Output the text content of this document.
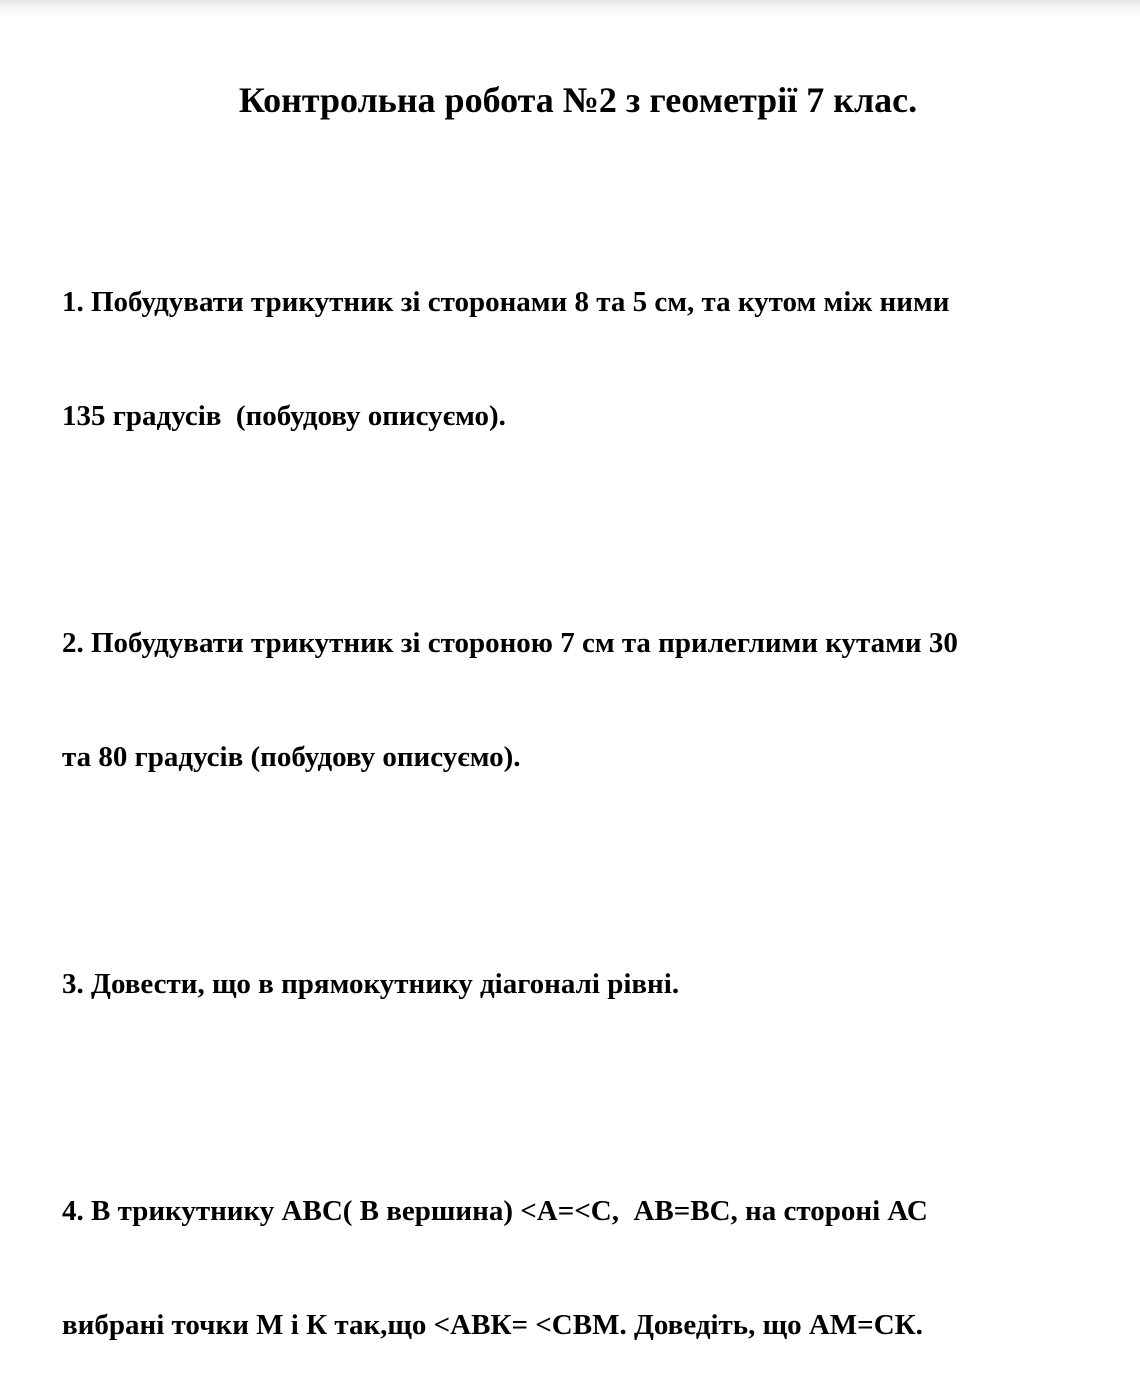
Контрольна робота №2 з геометрії 7 клас.

1. Побудувати трикутник зі сторонами 8 та 5 см, та кутом між ними

135 градусів  (побудову описуємо).

2. Побудувати трикутник зі стороною 7 см та прилеглими кутами 30

та 80 градусів (побудову описуємо).

3. Довести, що в прямокутнику діагоналі рівні.

4. В трикутнику АВС( В вершина) <А=<С,  АВ=ВС, на стороні АС

вибрані точки М і К так,що <АВК= <СВМ. Доведіть, що АМ=СК.
